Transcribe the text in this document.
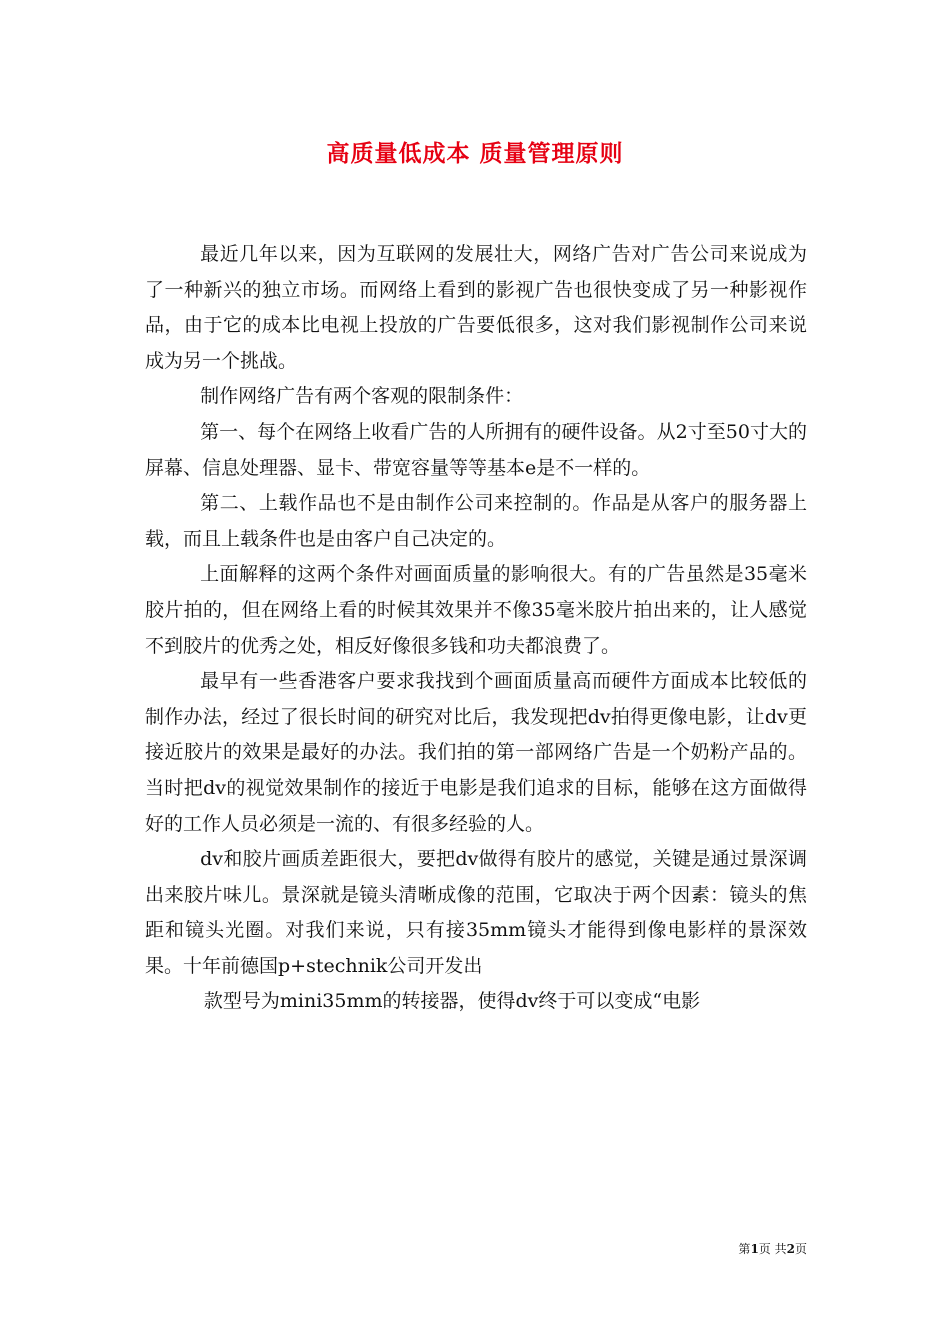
高质量低成本 质量管理原则

最近几年以来，因为互联网的发展壮大，网络广告对广告公司来说成为了一种新兴的独立市场。而网络上看到的影视广告也很快变成了另一种影视作品，由于它的成本比电视上投放的广告要低很多，这对我们影视制作公司来说成为另一个挑战。

制作网络广告有两个客观的限制条件：

第一、每个在网络上收看广告的人所拥有的硬件设备。从2寸至50寸大的屏幕、信息处理器、显卡、带宽容量等等基本e是不一样的。

第二、上载作品也不是由制作公司来控制的。作品是从客户的服务器上载，而且上载条件也是由客户自己决定的。

上面解释的这两个条件对画面质量的影响很大。有的广告虽然是35毫米胶片拍的，但在网络上看的时候其效果并不像35毫米胶片拍出来的，让人感觉不到胶片的优秀之处，相反好像很多钱和功夫都浪费了。

最早有一些香港客户要求我找到个画面质量高而硬件方面成本比较低的制作办法，经过了很长时间的研究对比后，我发现把dv拍得更像电影，让dv更接近胶片的效果是最好的办法。我们拍的第一部网络广告是一个奶粉产品的。当时把dv的视觉效果制作的接近于电影是我们追求的目标，能够在这方面做得好的工作人员必须是一流的、有很多经验的人。

dv和胶片画质差距很大，要把dv做得有胶片的感觉，关键是通过景深调出来胶片味儿。景深就是镜头清晰成像的范围，它取决于两个因素：镜头的焦距和镜头光圈。对我们来说，只有接35mm镜头才能得到像电影样的景深效果。十年前德国p+stechnik公司开发出

款型号为mini35mm的转接器，使得dv终于可以变成“电影

第1页 共2页
